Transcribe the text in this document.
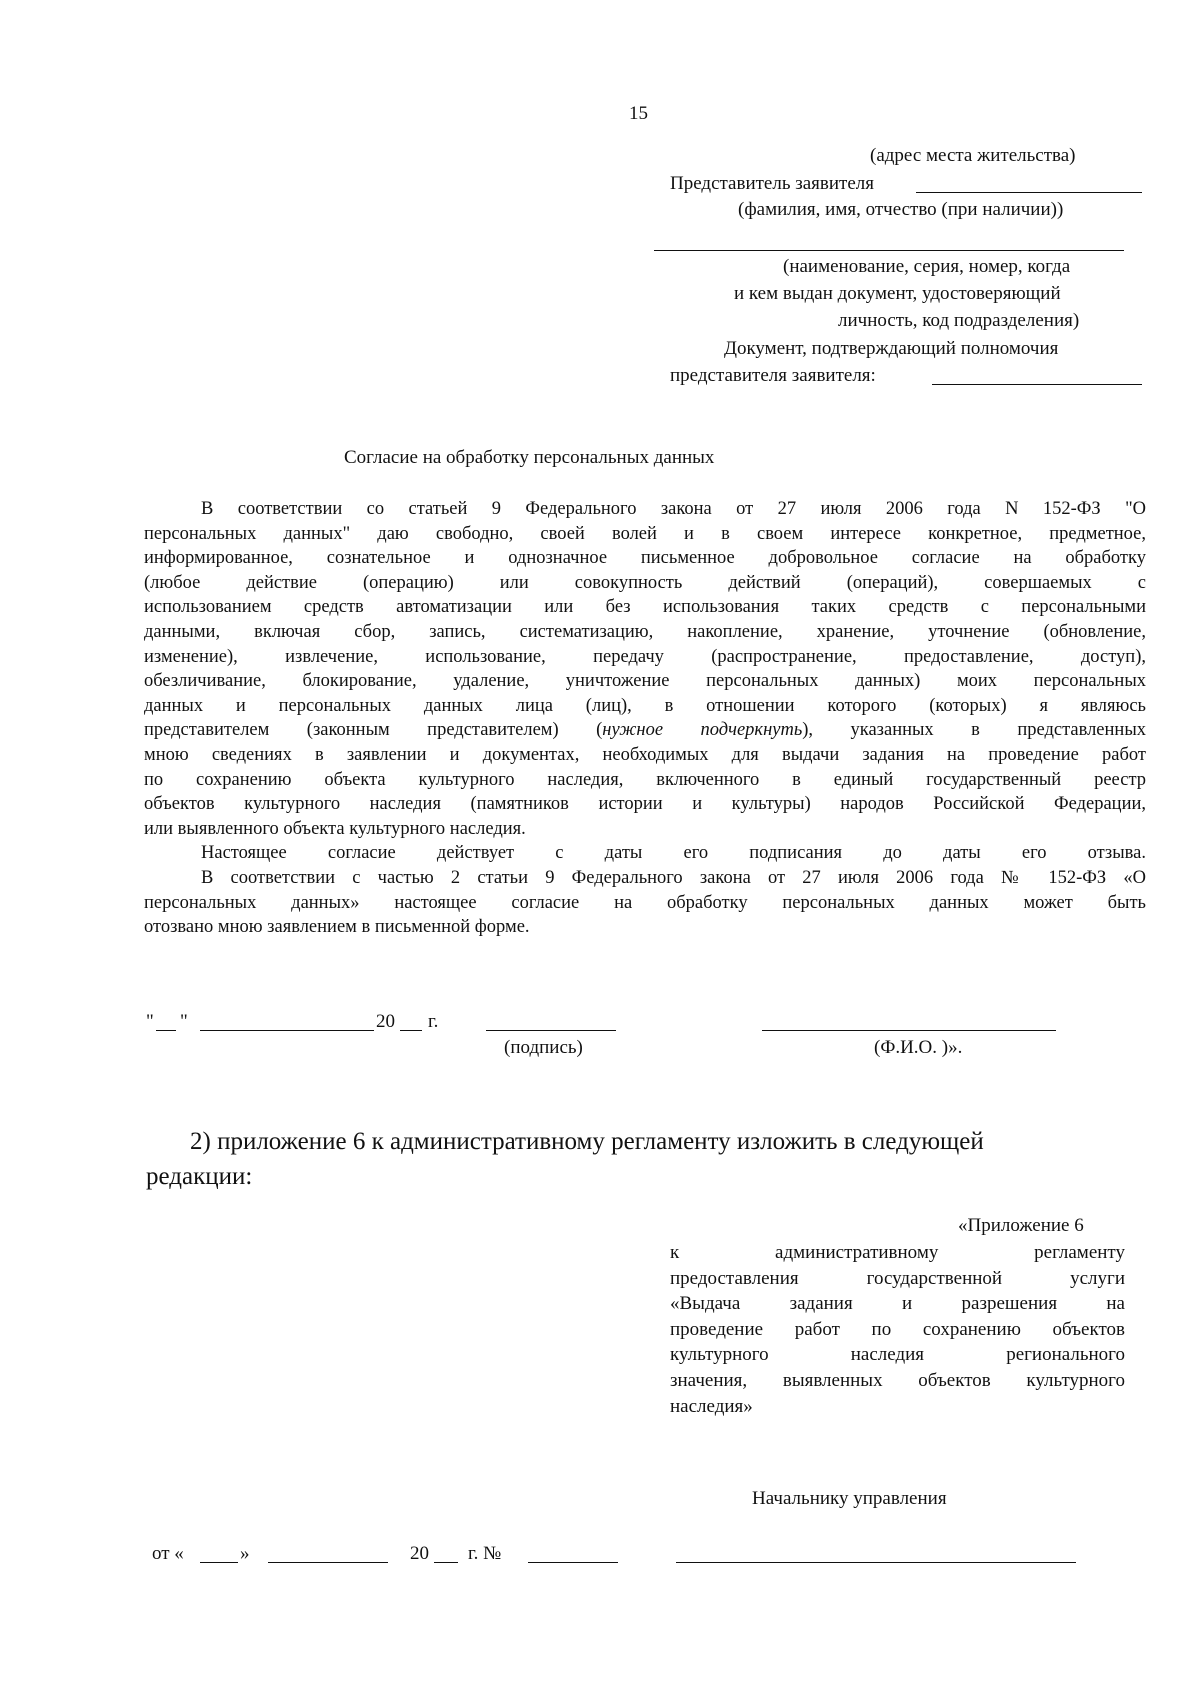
15
(адрес места жительства)
Представитель заявителя
(фамилия, имя, отчество (при наличии))
(наименование, серия, номер, когда
и кем выдан документ, удостоверяющий
личность, код подразделения)
Документ, подтверждающий полномочия
представителя заявителя:
Согласие на обработку персональных данных
В соответствии со статьей 9 Федерального закона от 27 июля 2006 года N 152-ФЗ "О
персональных данных" даю свободно, своей волей и в своем интересе конкретное, предметное,
информированное, сознательное и однозначное письменное добровольное согласие на обработку
(любое действие (операцию) или совокупность действий (операций), совершаемых с
использованием средств автоматизации или без использования таких средств с персональными
данными, включая сбор, запись, систематизацию, накопление, хранение, уточнение (обновление,
изменение), извлечение, использование, передачу (распространение, предоставление, доступ),
обезличивание, блокирование, удаление, уничтожение персональных данных) моих персональных
данных и персональных данных лица (лиц), в отношении которого (которых) я являюсь
представителем (законным представителем) (нужное подчеркнуть), указанных в представленных
мною сведениях в заявлении и документах, необходимых для выдачи задания на проведение работ
по сохранению объекта культурного наследия, включенного в единый государственный реестр
объектов культурного наследия (памятников истории и культуры) народов Российской Федерации,
или выявленного объекта культурного наследия.
Настоящее согласие действует с даты его подписания до даты его отзыва.
В соответствии с частью 2 статьи 9 Федерального закона от 27 июля 2006 года № 152-ФЗ «О
персональных данных» настоящее согласие на обработку персональных данных может быть
отозвано мною заявлением в письменной форме.
" "	20 г.
(подпись)	(Ф.И.О. )».
2) приложение 6 к административному регламенту изложить в следующей
редакции:
«Приложение 6
к административному регламенту
предоставления государственной услуги
«Выдача задания и разрешения на
проведение работ по сохранению объектов
культурного наследия регионального
значения, выявленных объектов культурного
наследия»
Начальнику управления
от «	»	20 г. №
